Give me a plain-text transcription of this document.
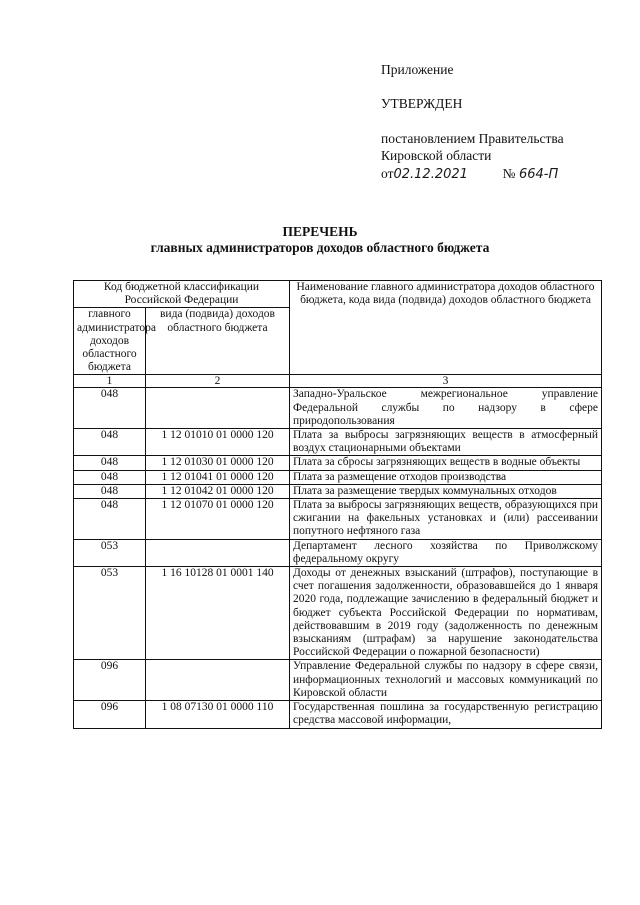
Приложение
УТВЕРЖДЕН
постановлением Правительства
Кировской области
от02.12.2021	№ 664-П
ПЕРЕЧЕНЬ
главных администраторов доходов областного бюджета
Код бюджетной классификации Российской Федерации		Наименование главного администратора доходов областного бюджета, кода вида (подвида) доходов областного бюджета
главного администратора доходов областного бюджета	вида (подвида) доходов областного бюджета	
1	2	3
048		Западно-Уральское межрегиональное управление Федеральной службы по надзору в сфере природопользования
048	1 12 01010 01 0000 120	Плата за выбросы загрязняющих веществ в атмосферный воздух стационарными объектами
048	1 12 01030 01 0000 120	Плата за сбросы загрязняющих веществ в водные объекты
048	1 12 01041 01 0000 120	Плата за размещение отходов производства
048	1 12 01042 01 0000 120	Плата за размещение твердых коммунальных отходов
048	1 12 01070 01 0000 120	Плата за выбросы загрязняющих веществ, образующихся при сжигании на факельных установках и (или) рассеивании попутного нефтяного газа
053		Департамент лесного хозяйства по Приволжскому федеральному округу
053	1 16 10128 01 0001 140	Доходы от денежных взысканий (штрафов), поступающие в счет погашения задолженности, образовавшейся до 1 января 2020 года, подлежащие зачислению в федеральный бюджет и бюджет субъекта Российской Федерации по нормативам, действовавшим в 2019 году (задолженность по денежным взысканиям (штрафам) за нарушение законодательства Российской Федерации о пожарной безопасности)
096		Управление Федеральной службы по надзору в сфере связи, информационных технологий и массовых коммуникаций по Кировской области
096	1 08 07130 01 0000 110	Государственная пошлина за государственную регистрацию средства массовой информации,
